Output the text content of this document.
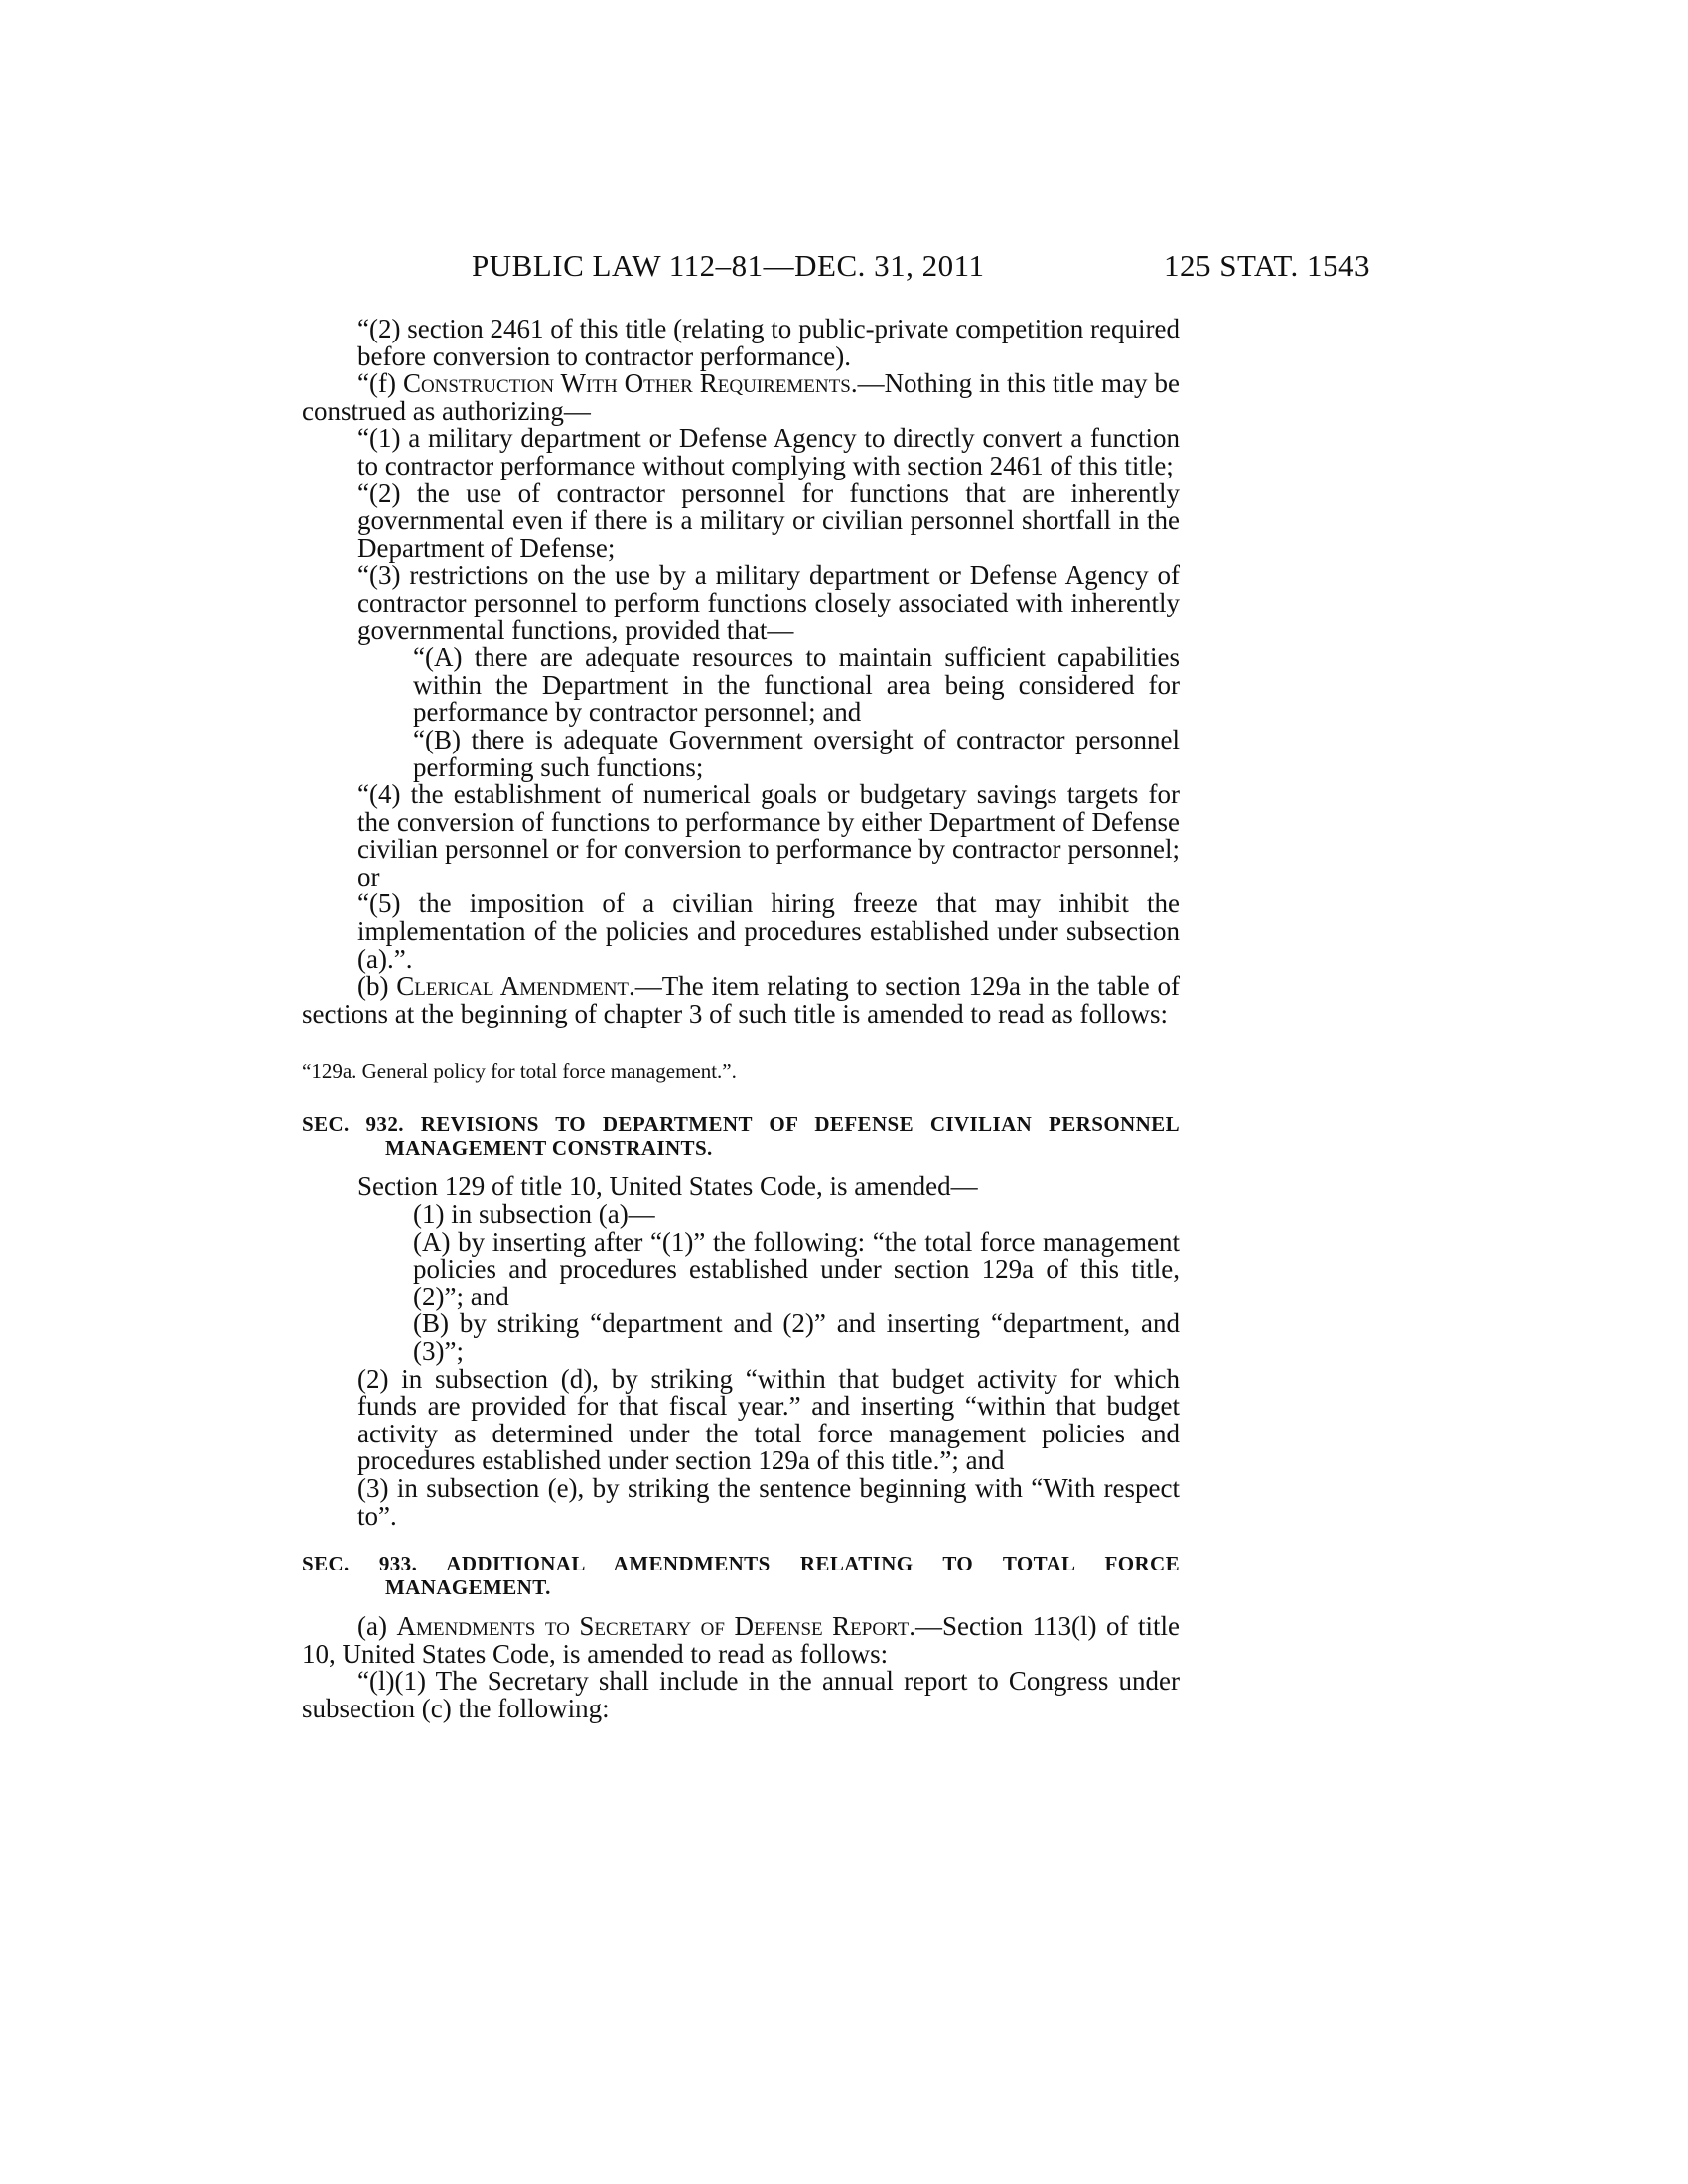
PUBLIC LAW 112–81—DEC. 31, 2011	125 STAT. 1543

“(2) section 2461 of this title (relating to public-private competition required before conversion to contractor performance).

“(f) Construction With Other Requirements.—Nothing in this title may be construed as authorizing—

“(1) a military department or Defense Agency to directly convert a function to contractor performance without complying with section 2461 of this title;

“(2) the use of contractor personnel for functions that are inherently governmental even if there is a military or civilian personnel shortfall in the Department of Defense;

“(3) restrictions on the use by a military department or Defense Agency of contractor personnel to perform functions closely associated with inherently governmental functions, provided that—

“(A) there are adequate resources to maintain sufficient capabilities within the Department in the functional area being considered for performance by contractor personnel; and

“(B) there is adequate Government oversight of contractor personnel performing such functions;

“(4) the establishment of numerical goals or budgetary savings targets for the conversion of functions to performance by either Department of Defense civilian personnel or for conversion to performance by contractor personnel; or

“(5) the imposition of a civilian hiring freeze that may inhibit the implementation of the policies and procedures established under subsection (a).”.

(b) Clerical Amendment.—The item relating to section 129a in the table of sections at the beginning of chapter 3 of such title is amended to read as follows:

“129a. General policy for total force management.”.

SEC. 932. REVISIONS TO DEPARTMENT OF DEFENSE CIVILIAN PERSONNEL MANAGEMENT CONSTRAINTS.

Section 129 of title 10, United States Code, is amended—

(1) in subsection (a)—

(A) by inserting after “(1)” the following: “the total force management policies and procedures established under section 129a of this title, (2)”; and

(B) by striking “department and (2)” and inserting “department, and (3)”;

(2) in subsection (d), by striking “within that budget activity for which funds are provided for that fiscal year.” and inserting “within that budget activity as determined under the total force management policies and procedures established under section 129a of this title.”; and

(3) in subsection (e), by striking the sentence beginning with “With respect to”.

SEC. 933. ADDITIONAL AMENDMENTS RELATING TO TOTAL FORCE MANAGEMENT.

(a) Amendments to Secretary of Defense Report.—Section 113(l) of title 10, United States Code, is amended to read as follows:

“(l)(1) The Secretary shall include in the annual report to Congress under subsection (c) the following:
